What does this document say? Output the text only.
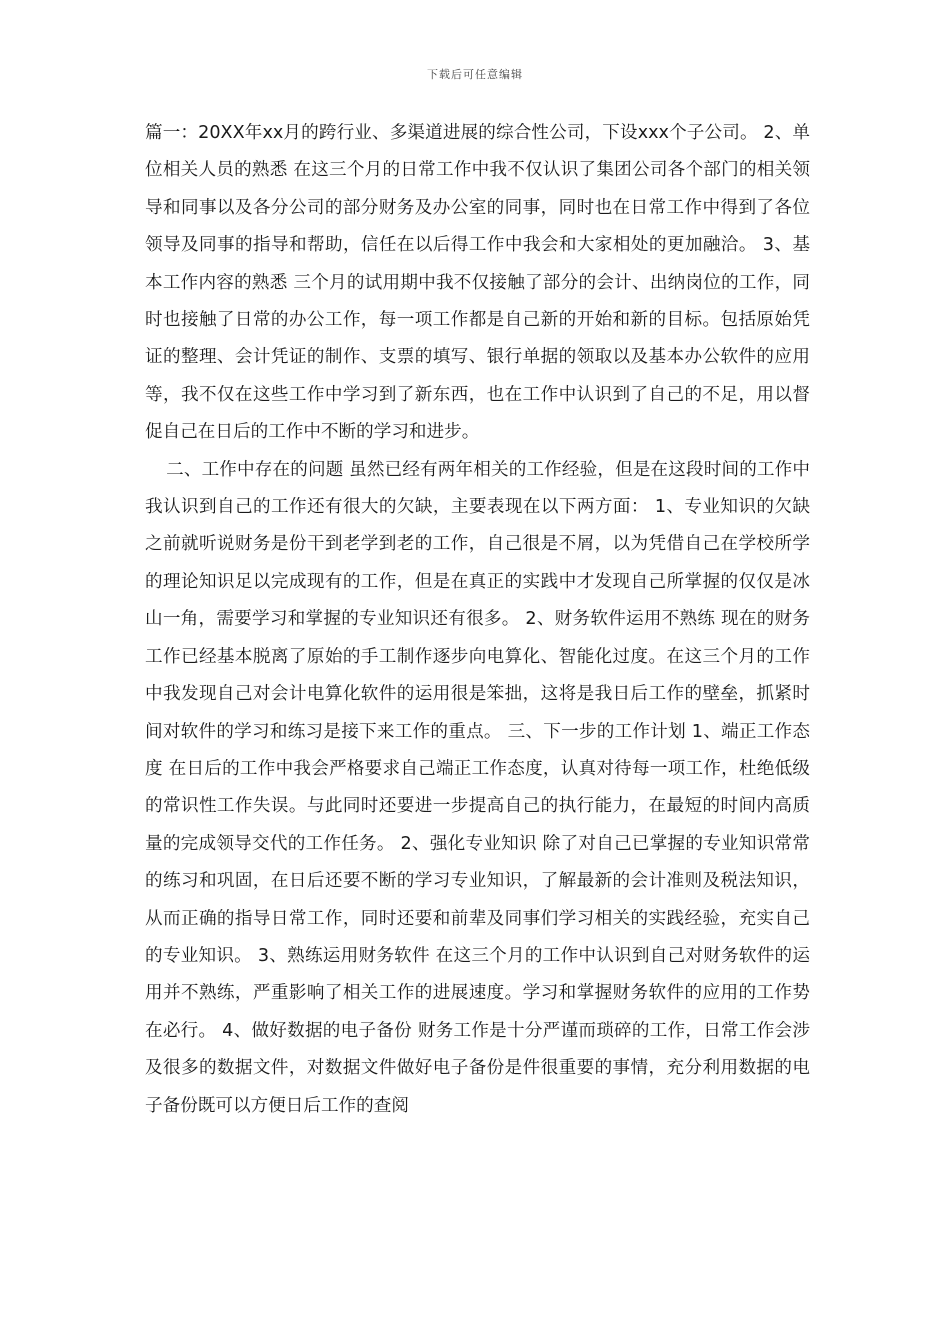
下载后可任意编辑

篇一：20XX年xx月的跨行业、多渠道进展的综合性公司，下设xxx个子公司。 2、单位相关人员的熟悉 在这三个月的日常工作中我不仅认识了集团公司各个部门的相关领导和同事以及各分公司的部分财务及办公室的同事，同时也在日常工作中得到了各位领导及同事的指导和帮助，信任在以后得工作中我会和大家相处的更加融洽。 3、基本工作内容的熟悉 三个月的试用期中我不仅接触了部分的会计、出纳岗位的工作，同时也接触了日常的办公工作，每一项工作都是自己新的开始和新的目标。包括原始凭证的整理、会计凭证的制作、支票的填写、银行单据的领取以及基本办公软件的应用等，我不仅在这些工作中学习到了新东西，也在工作中认识到了自己的不足，用以督促自己在日后的工作中不断的学习和进步。

二、工作中存在的问题 虽然已经有两年相关的工作经验，但是在这段时间的工作中我认识到自己的工作还有很大的欠缺，主要表现在以下两方面： 1、专业知识的欠缺 之前就听说财务是份干到老学到老的工作，自己很是不屑，以为凭借自己在学校所学的理论知识足以完成现有的工作，但是在真正的实践中才发现自己所掌握的仅仅是冰山一角，需要学习和掌握的专业知识还有很多。 2、财务软件运用不熟练 现在的财务工作已经基本脱离了原始的手工制作逐步向电算化、智能化过度。在这三个月的工作中我发现自己对会计电算化软件的运用很是笨拙，这将是我日后工作的壁垒，抓紧时间对软件的学习和练习是接下来工作的重点。 三、下一步的工作计划 1、端正工作态度 在日后的工作中我会严格要求自己端正工作态度，认真对待每一项工作，杜绝低级的常识性工作失误。与此同时还要进一步提高自己的执行能力，在最短的时间内高质量的完成领导交代的工作任务。 2、强化专业知识 除了对自己已掌握的专业知识常常的练习和巩固，在日后还要不断的学习专业知识，了解最新的会计准则及税法知识，从而正确的指导日常工作，同时还要和前辈及同事们学习相关的实践经验，充实自己的专业知识。 3、熟练运用财务软件 在这三个月的工作中认识到自己对财务软件的运用并不熟练，严重影响了相关工作的进展速度。学习和掌握财务软件的应用的工作势在必行。 4、做好数据的电子备份 财务工作是十分严谨而琐碎的工作，日常工作会涉及很多的数据文件，对数据文件做好电子备份是件很重要的事情，充分利用数据的电子备份既可以方便日后工作的查阅
